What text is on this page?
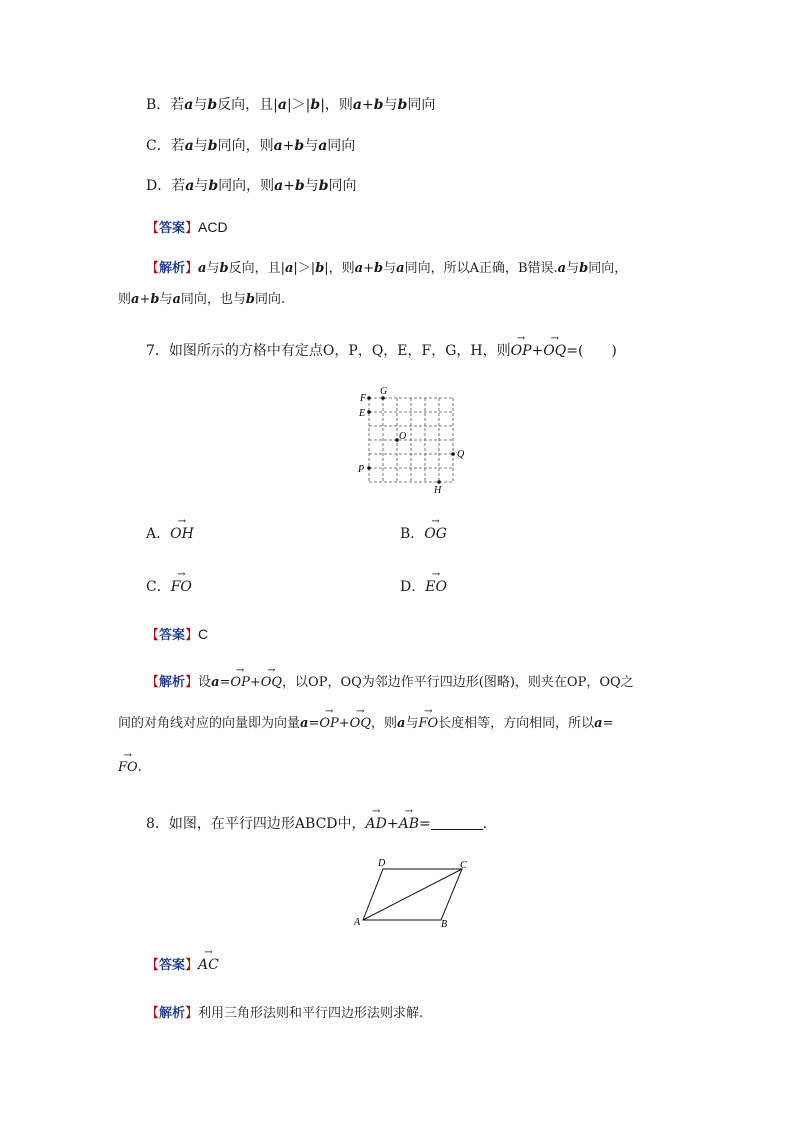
B．若a与b反向，且|a|＞|b|，则a+b与b同向
C．若a与b同向，则a+b与a同向
D．若a与b同向，则a+b与b同向
【答案】ACD
【解析】a与b反向，且|a|＞|b|，则a+b与a同向，所以A正确，B错误.a与b同向，
则a+b与a同向，也与b同向.
7．如图所示的方格中有定点O，P，Q，E，F，G，H，则→ OP+→ OQ=(　　)
F
G
E
O
P
Q
H
A．→ OH	B．→ OG
C．→ FO	D．→ EO
【答案】C
【解析】设a=→ OP+→ OQ，以OP，OQ为邻边作平行四边形(图略)，则夹在OP，OQ之
间的对角线对应的向量即为向量a=→ OP+→ OQ，则a与→ FO长度相等，方向相同，所以a=
→ FO.
8．如图，在平行四边形ABCD中，→ AD+→ AB=	．
D	C
A	B
【答案】→ AC
【解析】利用三角形法则和平行四边形法则求解.
